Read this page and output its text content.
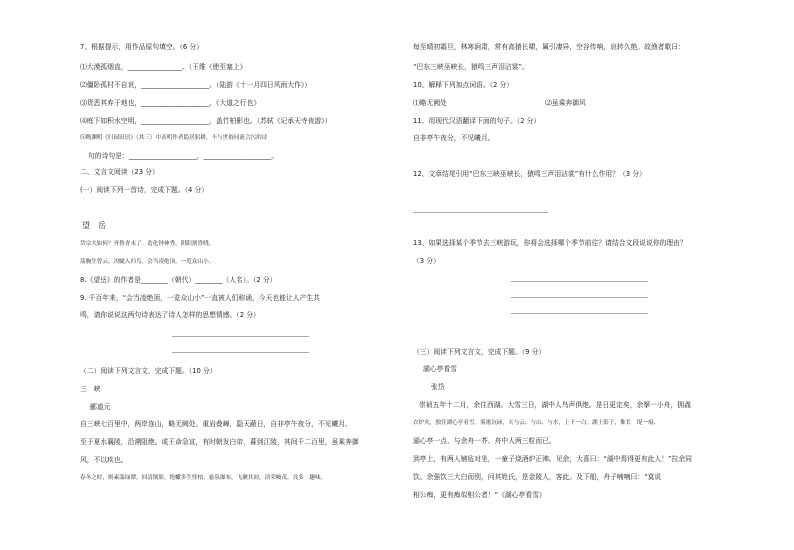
7、根据提示，用作品原句填空。（6 分）
⑴大漠孤烟直，________________。（王维《使至塞上》
⑵僵卧孤村不自哀，____________________。（陆游《十一月四日风雨大作》）
⑶货恶其弃于地也，____________________，《大道之行也》
⑷庭下如积水空明，____________________，盖竹柏影也。（苏轼《记承天寺夜游》）
⑸陶渊明《归园田居》（其三）中表明作者隐居躬耕，不与世俗同流合污的诗
句的诗句是：____________________，____________________。
二、文言文阅读（23 分）
(一）阅读下列一首诗，完成下题。（4 分）
望　岳
岱宗夫如何？齐鲁青未了。造化钟神秀，阴阳割昏晓。
荡胸生曾云，决眦入归鸟。会当凌绝顶，一览众山小。
8.《望岳》的作者是________（朝代）________（人名）。（2 分）
9. 千百年来，“会当凌绝顶，一览众山小”一直被人们称诵，今天也能让人产生共
鸣，请你说说这两句诗表达了诗人怎样的思想情感。（2 分）
（二）阅读下列文言文，完成下题。（10 分）
三　峡
郦道元
自三峡七百里中，两岸连山，略无阙处。重岩叠嶂，隐天蔽日，自非亭午夜分，不见曦月。
至于夏水襄陵，沿溯阻绝。或王命急宣，有时朝发白帝，暮到江陵，其间千二百里，虽乘奔御
风，不以疾也。
春冬之时，则素湍绿潭，回清倒影。绝巘多生怪柏，悬泉瀑布，飞漱其间，清荣峻茂，良多　趣味。
每至晴初霜旦，林寒涧肃，常有高猿长啸，属引凄异，空谷传响，哀转久绝。故渔者歌曰：
“巴东三峡巫峡长，猿鸣三声泪沾裳”。
10、解释下列加点词语。（2 分）
⑴略无阙处	⑵虽乘奔御风
11、用现代汉语翻译下面的句子。（2 分）
自非亭午夜分，不见曦月。
12、文章结尾引用“巴东三峡巫峡长，猿鸣三声泪沾裳”有什么作用？（3 分）
13、如果选择某个季节去三峡游玩，你将会选择哪个季节前往？请结合文段说说你的理由？
（3 分）
（三）阅读下列文言文，完成下题。（9 分）
湖心亭看雪
张岱
崇祯五年十二月，余住西湖。大雪三日，湖中人鸟声俱绝。是日更定矣，余拏一小舟，拥毳
衣炉火，独往湖心亭看雪。雾凇沆砀，天与云、与山、与水，上下一白。湖上影子，惟长　堤一痕、
湖心亭一点、与余舟一芥、舟中人两三粒而已。
到亭上，有两人铺毡对坐，一童子烧酒炉正沸。见余，大喜曰：“湖中焉得更有此人！”拉余同
饮。余强饮三大白而别，问其姓氏，是金陵人，客此。及下船，舟子喃喃曰：“莫说
相公痴，更有痴似相公者！”《湖心亭看雪》
